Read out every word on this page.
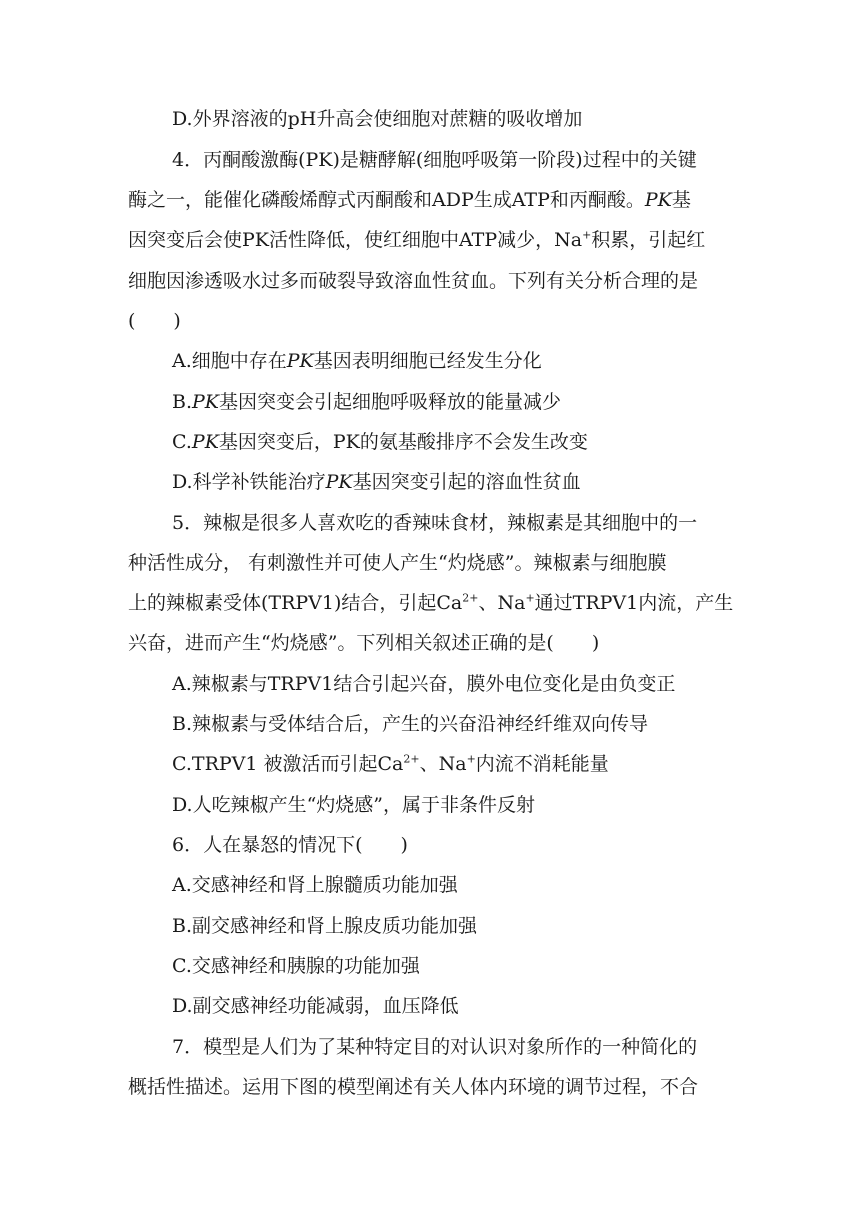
D.外界溶液的pH升高会使细胞对蔗糖的吸收增加
4．丙酮酸激酶(PK)是糖酵解(细胞呼吸第一阶段)过程中的关键
酶之一，能催化磷酸烯醇式丙酮酸和ADP生成ATP和丙酮酸。PK基
因突变后会使PK活性降低，使红细胞中ATP减少，Na+积累，引起红
细胞因渗透吸水过多而破裂导致溶血性贫血。下列有关分析合理的是
(　　)
A.细胞中存在PK基因表明细胞已经发生分化
B.PK基因突变会引起细胞呼吸释放的能量减少
C.PK基因突变后，PK的氨基酸排序不会发生改变
D.科学补铁能治疗PK基因突变引起的溶血性贫血
5．辣椒是很多人喜欢吃的香辣味食材，辣椒素是其细胞中的一
种活性成分， 有刺激性并可使人产生“灼烧感”。辣椒素与细胞膜
上的辣椒素受体(TRPV1)结合，引起$Ca^{2+}$、Na+通过TRPV1内流，产生
兴奋，进而产生“灼烧感”。下列相关叙述正确的是(　　)
A.辣椒素与TRPV1结合引起兴奋，膜外电位变化是由负变正
B.辣椒素与受体结合后，产生的兴奋沿神经纤维双向传导
C.TRPV1 被激活而引起$Ca^{2+}$、Na+内流不消耗能量
D.人吃辣椒产生“灼烧感”，属于非条件反射
6．人在暴怒的情况下(　　)
A.交感神经和肾上腺髓质功能加强
B.副交感神经和肾上腺皮质功能加强
C.交感神经和胰腺的功能加强
D.副交感神经功能减弱，血压降低
7．模型是人们为了某种特定目的对认识对象所作的一种简化的
概括性描述。运用下图的模型阐述有关人体内环境的调节过程，不合
